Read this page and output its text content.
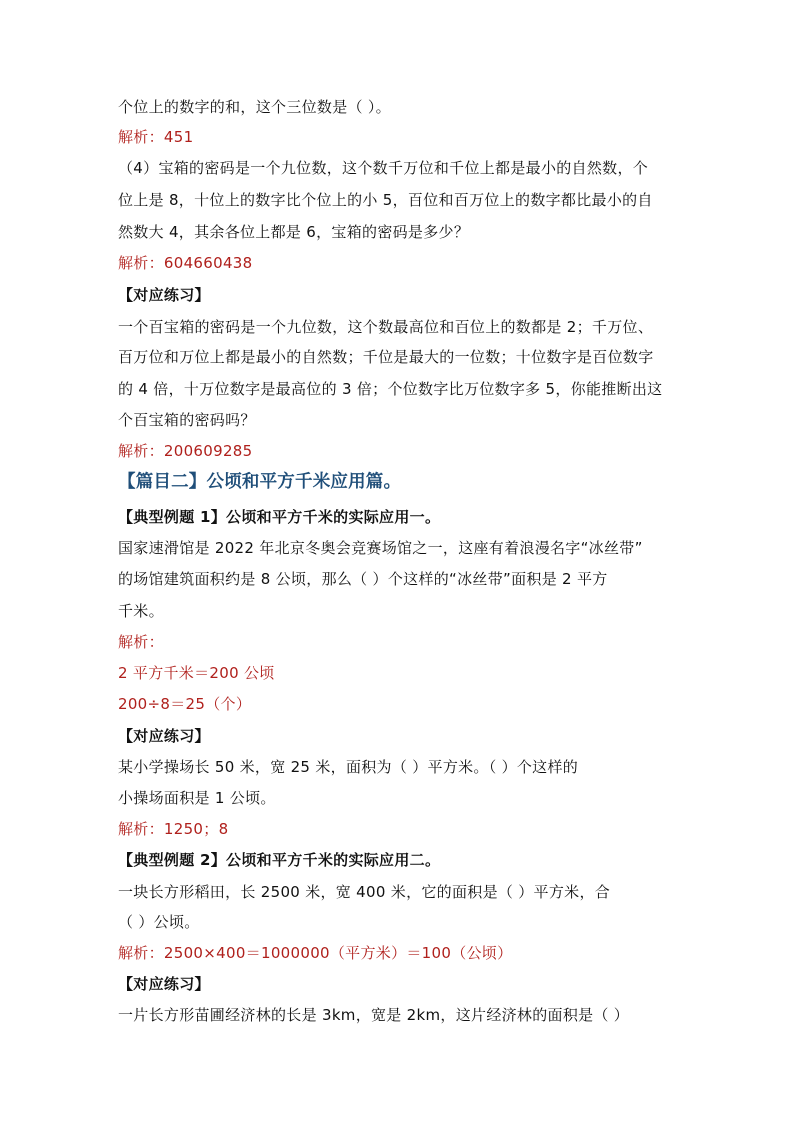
个位上的数字的和，这个三位数是（ ）。
解析：451
（4）宝箱的密码是一个九位数，这个数千万位和千位上都是最小的自然数，个
位上是 8，十位上的数字比个位上的小 5，百位和百万位上的数字都比最小的自
然数大 4，其余各位上都是 6，宝箱的密码是多少？
解析：604660438
【对应练习】
一个百宝箱的密码是一个九位数，这个数最高位和百位上的数都是 2；千万位、
百万位和万位上都是最小的自然数；千位是最大的一位数；十位数字是百位数字
的 4 倍，十万位数字是最高位的 3 倍；个位数字比万位数字多 5，你能推断出这
个百宝箱的密码吗？
解析：200609285
【篇目二】公顷和平方千米应用篇。
【典型例题 1】公顷和平方千米的实际应用一。
国家速滑馆是 2022 年北京冬奥会竞赛场馆之一，这座有着浪漫名字“冰丝带”
的场馆建筑面积约是 8 公顷，那么（ ）个这样的“冰丝带”面积是 2 平方
千米。
解析：
2 平方千米＝200 公顷
200÷8＝25（个）
【对应练习】
某小学操场长 50 米，宽 25 米，面积为（ ）平方米。（ ）个这样的
小操场面积是 1 公顷。
解析：1250；8
【典型例题 2】公顷和平方千米的实际应用二。
一块长方形稻田，长 2500 米，宽 400 米，它的面积是（ ）平方米，合
（ ）公顷。
解析：2500×400＝1000000（平方米）＝100（公顷）
【对应练习】
一片长方形苗圃经济林的长是 3km，宽是 2km，这片经济林的面积是（ ）
